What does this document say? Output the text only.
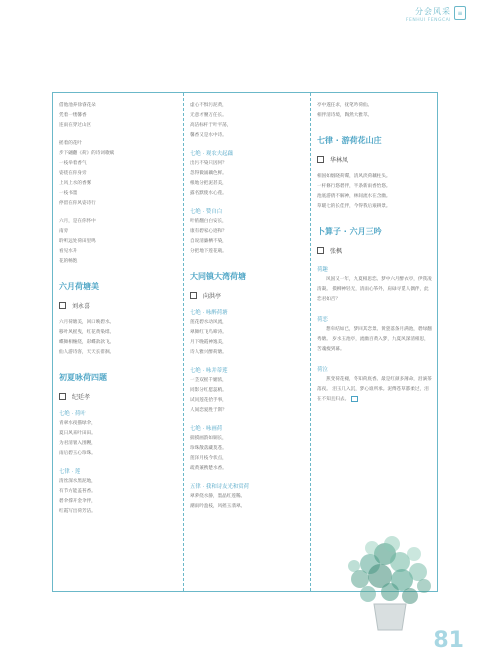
分会风采
FENHUI FENGCAI
≡
借他池养徐睿花朵
凭着一缕馨香
连雨在穿过山区
摇着的花叶
步下翩翻《荷》的诗词歌赋
一枝举着香气
姿绕在你身旁
上风上水的香雾
一枝书墨
停留在你风姿诗行
六月，是在你怀中
南旁
聆听远处荷田里鸣
看见水升
花的畅饱
六月荷塘美
刘永喜
六月荷塘美，回口映碧水。
移叶风摇曳，红花黄染绯。
蝶舞相缠绕，彩蝶款款飞。
仙人游诗客，天天长徘徊。
初夏咏荷四题
纪廷孝
七绝 · 荷叶
青翠水夜描绿伞，
夏日风来叶田田。
为君清暑入围幔，
雨后碧玉心珍珠。
七律 · 莲
清丝深水黑泥地，
有节方能盖苔香。
碧伞撑开金伞伴，
红霞写出荷芳洁。
虚心不惧污泥黄，
无意才腰万任长。
高洁标杆于叶平荡，
馨香又是水中诗。
七绝 · 观农夫起藕
出污不染只因何？
忽得微涌藕色鲜。
根地分把泥甚美，
露名默使水心莲。
七绝 · 赞自白
叶侬翻白白安长，
康有碧家心迹和？
自说清廉栖不染，
分把地下莲花载。
大同镇大湾荷塘
向洪亭
七绝 · 咏醉荷塘
莲花碧水动风流，
翠舞红飞鸟啼涛。
月下晚霞神逸美，
诗人雅兴醉荷塘。
七绝 · 咏并蒂莲
一茎双摇千媚浓，
同影分红愿蕊梢。
试问莲花拾手事，
人间恋爱胜于斯？
七绝 · 咏画荷
揣摸画韵如铜长，
珍珠散落藏莫苍。
莲泽月枝今状点，
疏黄兼携楚水香。
五律 · 我和诗友光和赏荷
翠萝绕水静，墨晶红莲稀。
潮雨吟盈枝，风摇玉翡翠。
亭中遂任求，抚笔吟荷仙。
相伴清诗境，陶然大雅萃。
七律 · 游荷花山庄
华林凤
相国如烟晓荷碟，清风淡荷藕柱头。
一杆修行悠碧伴，半条新雨香怡悠。
池底游倩不解神，林间流水在含幽。
草暖七的长佳伴，今得我后艰耕景。
卜算子 · 六月三吟
张枫
荷趣
风国又一年，九夏相思恋。梦中六月醉衣亭，伊我凌清凝。 摸柳神轻无，清雨心筝外，肩碌寻觅人偶伴，此恋君如否？
荷恋
想牵结如已，梦回其恋景。黄瓷落条月满池，碧绿翻秀塘。 岁水玉池亭，流幽百黄入梦，九夏风深清相思，苦魂瘦到幕。
荷泣
蕉变荷花褪，冬知荷底香。最是红颜多薄命，泪滴茶落夜。 泪玉几入沉，梦心谁所承。泥傅苍草都柔过，泪在不知且归去。
81
